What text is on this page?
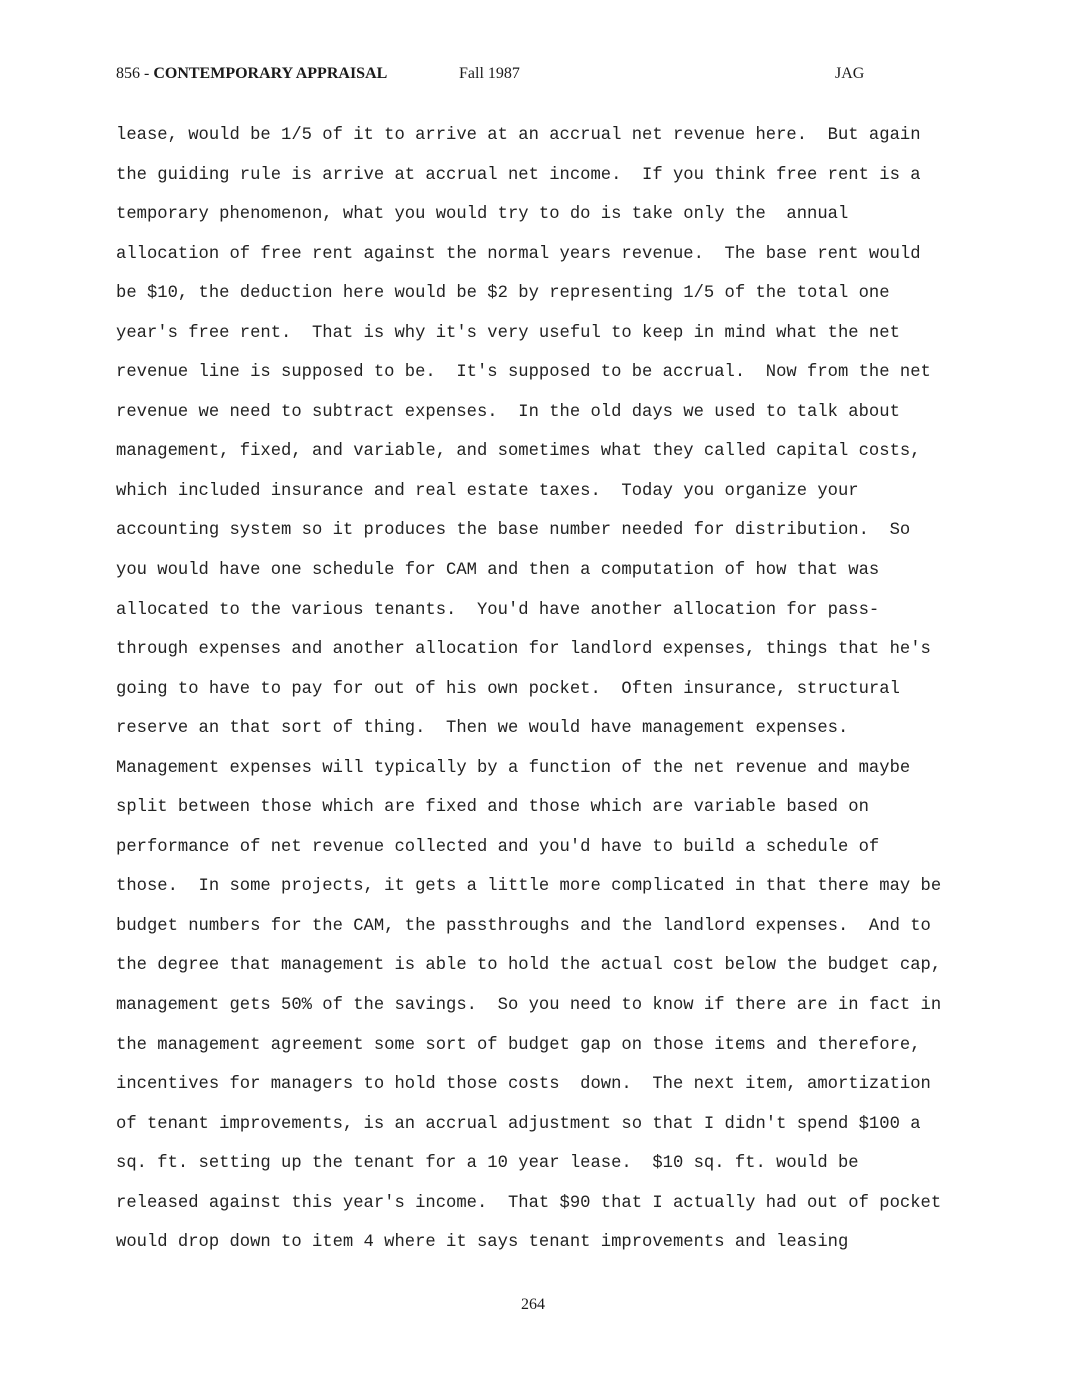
856 - CONTEMPORARY APPRAISAL	Fall 1987	JAG
lease, would be 1/5 of it to arrive at an accrual net revenue here.  But again
the guiding rule is arrive at accrual net income.  If you think free rent is a
temporary phenomenon, what you would try to do is take only the  annual
allocation of free rent against the normal years revenue.  The base rent would
be $10, the deduction here would be $2 by representing 1/5 of the total one
year's free rent.  That is why it's very useful to keep in mind what the net
revenue line is supposed to be.  It's supposed to be accrual.  Now from the net
revenue we need to subtract expenses.  In the old days we used to talk about
management, fixed, and variable, and sometimes what they called capital costs,
which included insurance and real estate taxes.  Today you organize your
accounting system so it produces the base number needed for distribution.  So
you would have one schedule for CAM and then a computation of how that was
allocated to the various tenants.  You'd have another allocation for pass-
through expenses and another allocation for landlord expenses, things that he's
going to have to pay for out of his own pocket.  Often insurance, structural
reserve an that sort of thing.  Then we would have management expenses.
Management expenses will typically by a function of the net revenue and maybe
split between those which are fixed and those which are variable based on
performance of net revenue collected and you'd have to build a schedule of
those.  In some projects, it gets a little more complicated in that there may be
budget numbers for the CAM, the passthroughs and the landlord expenses.  And to
the degree that management is able to hold the actual cost below the budget cap,
management gets 50% of the savings.  So you need to know if there are in fact in
the management agreement some sort of budget gap on those items and therefore,
incentives for managers to hold those costs  down.  The next item, amortization
of tenant improvements, is an accrual adjustment so that I didn't spend $100 a
sq. ft. setting up the tenant for a 10 year lease.  $10 sq. ft. would be
released against this year's income.  That $90 that I actually had out of pocket
would drop down to item 4 where it says tenant improvements and leasing
264
